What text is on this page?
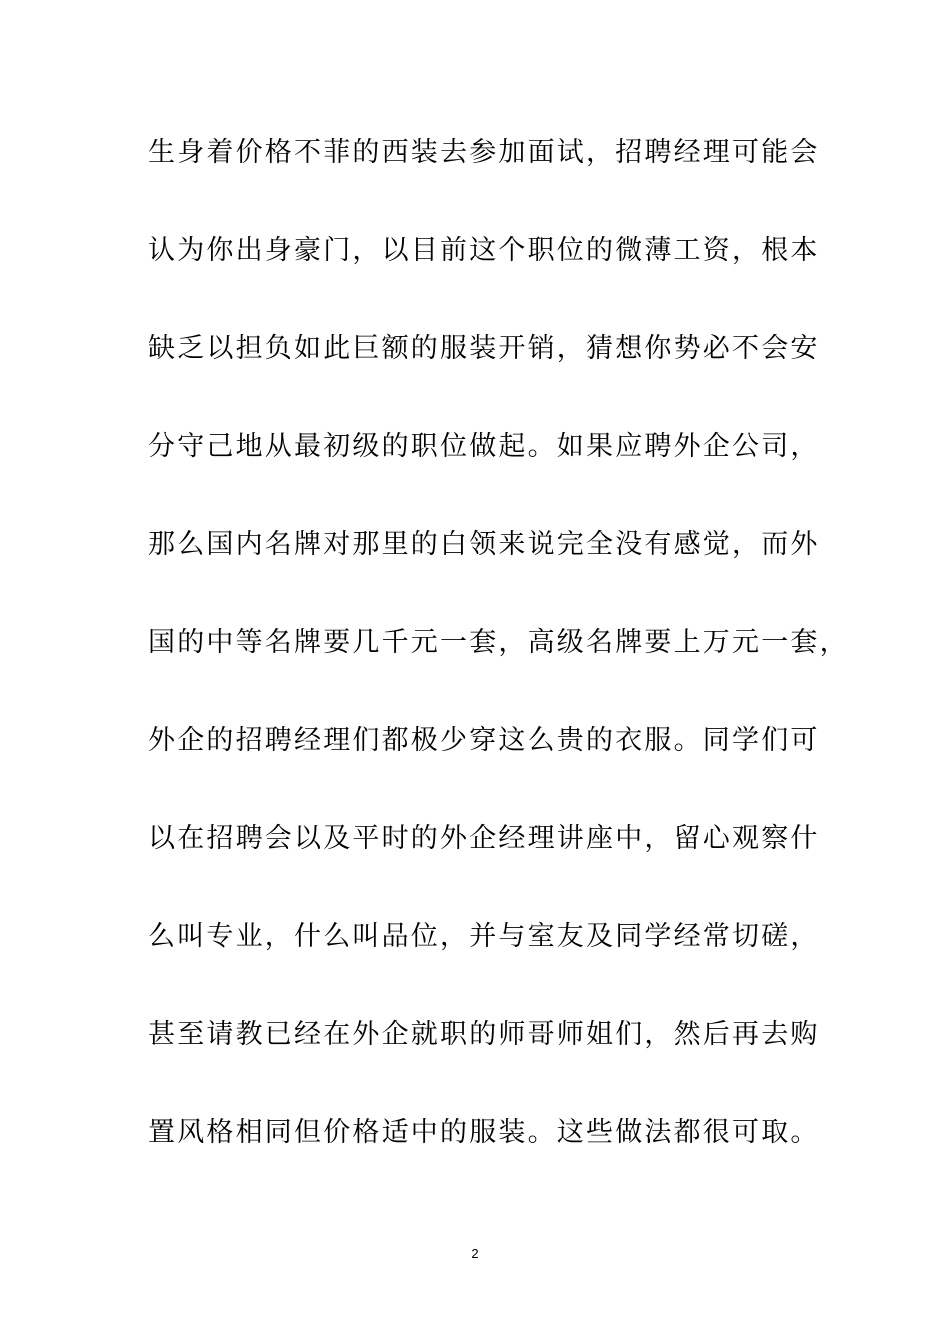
生身着价格不菲的西装去参加面试，招聘经理可能会
认为你出身豪门，以目前这个职位的微薄工资，根本
缺乏以担负如此巨额的服装开销，猜想你势必不会安
分守己地从最初级的职位做起。如果应聘外企公司，
那么国内名牌对那里的白领来说完全没有感觉，而外
国的中等名牌要几千元一套，高级名牌要上万元一套，
外企的招聘经理们都极少穿这么贵的衣服。同学们可
以在招聘会以及平时的外企经理讲座中，留心观察什
么叫专业，什么叫品位，并与室友及同学经常切磋，
甚至请教已经在外企就职的师哥师姐们，然后再去购
置风格相同但价格适中的服装。这些做法都很可取。
2
